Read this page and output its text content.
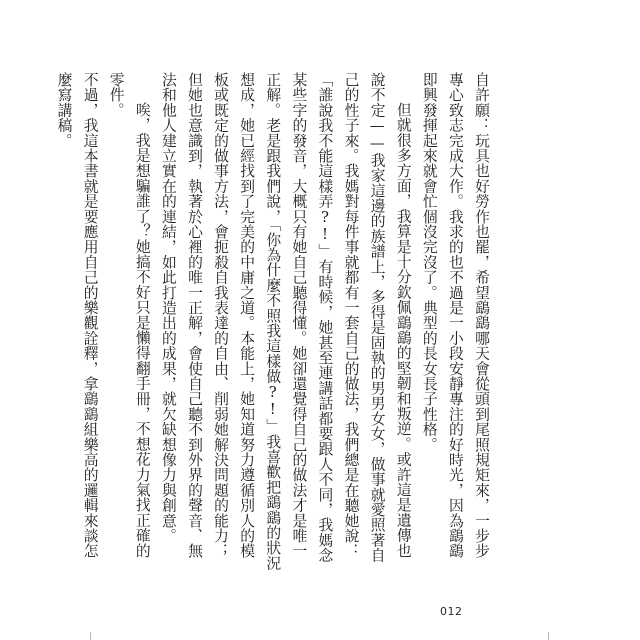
自許願：玩具也好勞作也罷，希望鷂鷂哪天會從頭到尾照規矩來，一步步專心致志完成大作。我求的也不過是一小段安靜專注的好時光，因為鷂鷂即興發揮起來就會忙個沒完沒了。典型的長女長子性格。

但就很多方面，我算是十分欽佩鷂鷂的堅韌和叛逆。或許這是遺傳也說不定——我家這邊的族譜上，多得是固執的男男女女，做事就愛照著自己的性子來。我媽對每件事就都有一套自己的做法，我們總是在聽她說：「誰說我不能這樣弄?!」有時候，她甚至連講話都要跟人不同，我媽念某些字的發音，大概只有她自己聽得懂。她卻還覺得自己的做法才是唯一正解。老是跟我們說，「你為什麼不照我這樣做?!」我喜歡把鷂鷂的狀況想成，她已經找到了完美的中庸之道。本能上，她知道努力遵循別人的模板或既定的做事方法，會扼殺自我表達的自由、削弱她解決問題的能力；但她也意識到，執著於心裡的唯一正解，會使自己聽不到外界的聲音、無法和他人建立實在的連結，如此打造出的成果，就欠缺想像力與創意。

唉，我是想騙誰了？她搞不好只是懶得翻手冊，不想花力氣找正確的零件。

不過，我這本書就是要應用自己的樂觀詮釋，拿鷂鷂組樂高的邏輯來談怎麼寫講稿。

012
